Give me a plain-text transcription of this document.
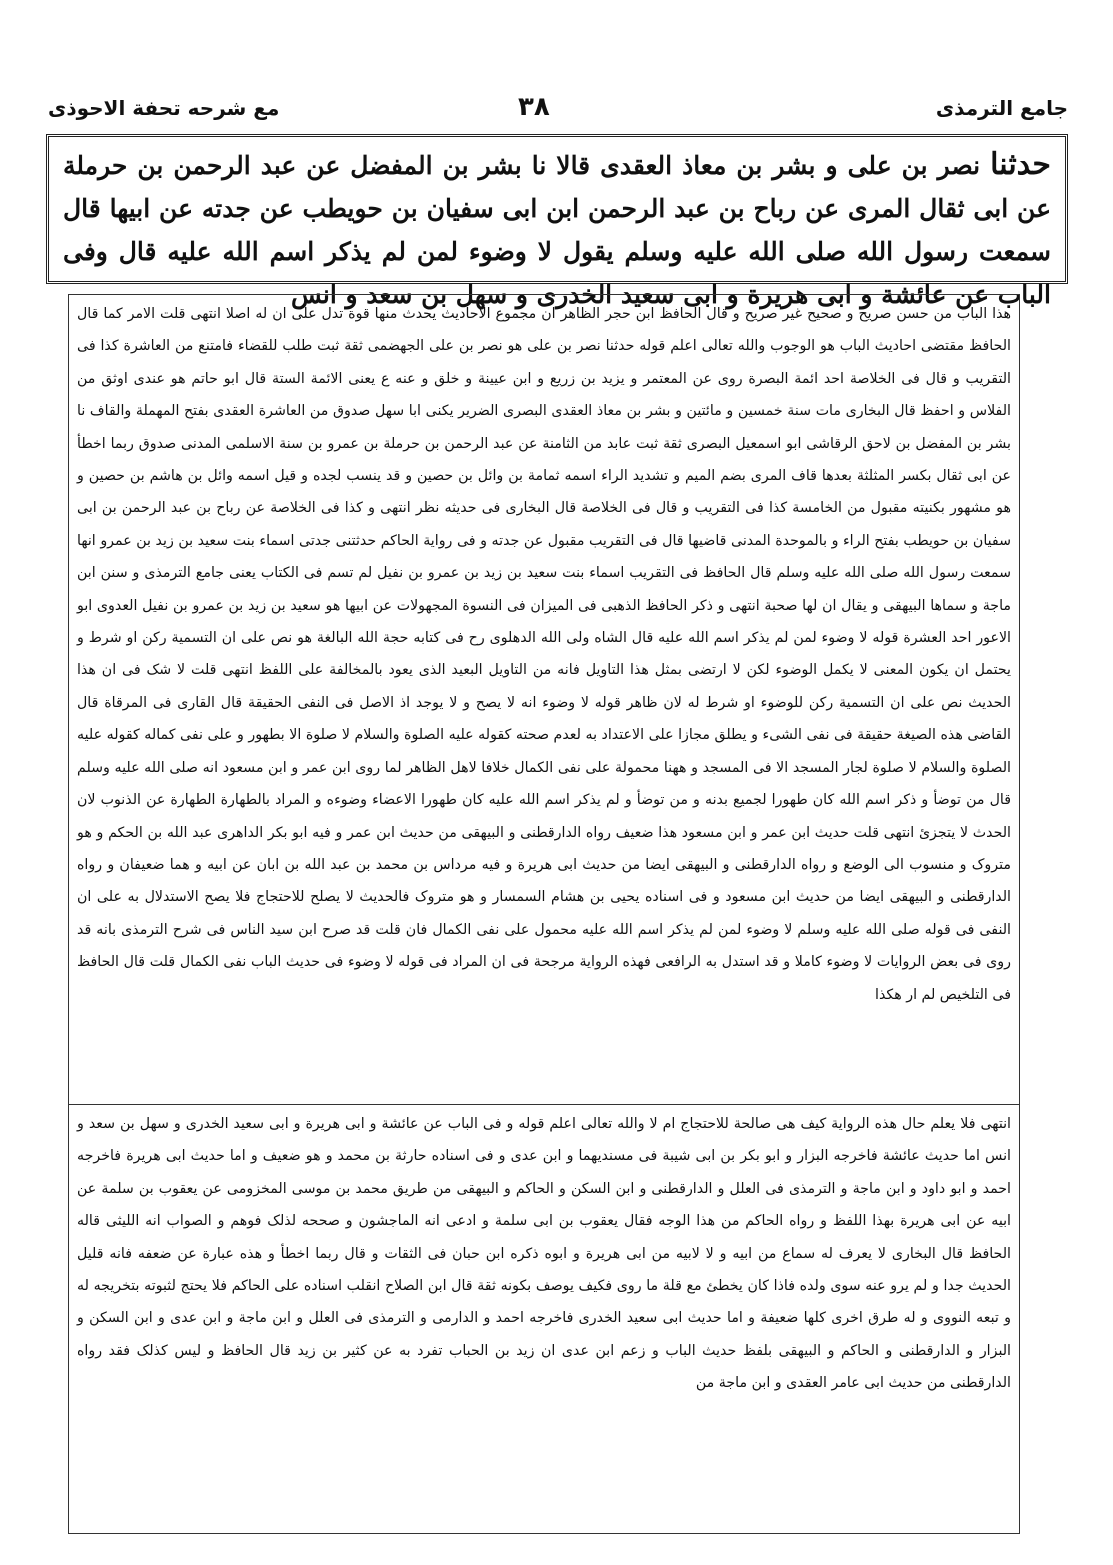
جامع الترمذی
۳۸
مع شرحه تحفة الاحوذی
حدثنا نصر بن علی و بشر بن معاذ العقدی قالا نا بشر بن المفضل عن عبد الرحمن بن حرملة عن ابی ثقال المری عن رباح بن عبد الرحمن ابن ابی سفیان بن حویطب عن جدته عن ابیها قال سمعت رسول الله صلی الله علیه وسلم یقول لا وضوء لمن لم یذکر اسم الله علیه قال وفی الباب عن عائشة و ابی هریرة و ابی سعید الخدری و سهل بن سعد و انس

هذا الباب من حسن صریح و صحیح غیر صریح و قال الحافظ ابن حجر الظاهر ان مجموع الاحادیث یحدث منها قوة تدل علی ان له اصلا انتهی قلت الامر کما قال الحافظ مقتضی احادیث الباب هو الوجوب والله تعالی اعلم قوله حدثنا نصر بن علی هو نصر بن علی الجهضمی ثقة ثبت طلب للقضاء فامتنع من العاشرة کذا فی التقریب و قال فی الخلاصة احد ائمة البصرة روی عن المعتمر و یزید بن زریع و ابن عیینة و خلق و عنه ع یعنی الائمة الستة قال ابو حاتم هو عندی اوثق من الفلاس و احفظ قال البخاری مات سنة خمسین و مائتین و بشر بن معاذ العقدی البصری الضریر یکنی ابا سهل صدوق من العاشرة العقدی بفتح المهملة والقاف نا بشر بن المفضل بن لاحق الرقاشی ابو اسمعیل البصری ثقة ثبت عابد من الثامنة عن عبد الرحمن بن حرملة بن عمرو بن سنة الاسلمی المدنی صدوق ربما اخطأ عن ابی ثقال بکسر المثلثة بعدها قاف المری بضم المیم و تشدید الراء اسمه ثمامة بن وائل بن حصین و قد ینسب لجده و قیل اسمه وائل بن هاشم بن حصین و هو مشهور بکنیته مقبول من الخامسة کذا فی التقریب و قال فی الخلاصة قال البخاری فی حدیثه نظر انتهی و کذا فی الخلاصة عن رباح بن عبد الرحمن بن ابی سفیان بن حویطب بفتح الراء و بالموحدة المدنی قاضیها قال فی التقریب مقبول عن جدته و فی روایة الحاکم حدثتنی جدتی اسماء بنت سعید بن زید بن عمرو انها سمعت رسول الله صلی الله علیه وسلم قال الحافظ فی التقریب اسماء بنت سعید بن زید بن عمرو بن نفیل لم تسم فی الکتاب یعنی جامع الترمذی و سنن ابن ماجة و سماها البیهقی و یقال ان لها صحبة انتهی و ذکر الحافظ الذهبی فی المیزان فی النسوة المجهولات عن ابیها هو سعید بن زید بن عمرو بن نفیل العدوی ابو الاعور احد العشرة قوله لا وضوء لمن لم یذکر اسم الله علیه قال الشاه ولی الله الدهلوی رح فی کتابه حجة الله البالغة هو نص علی ان التسمیة رکن او شرط و یحتمل ان یکون المعنی لا یکمل الوضوء لکن لا ارتضی بمثل هذا التاویل فانه من التاویل البعید الذی یعود بالمخالفة علی اللفظ انتهی قلت لا شک فی ان هذا الحدیث نص علی ان التسمیة رکن للوضوء او شرط له لان ظاهر قوله لا وضوء انه لا یصح و لا یوجد اذ الاصل فی النفی الحقیقة قال القاری فی المرقاة قال القاضی هذه الصیغة حقیقة فی نفی الشیء و یطلق مجازا علی الاعتداد به لعدم صحته کقوله علیه الصلوة والسلام لا صلوة الا بطهور و علی نفی کماله کقوله علیه الصلوة والسلام لا صلوة لجار المسجد الا فی المسجد و ههنا محمولة علی نفی الکمال خلافا لاهل الظاهر لما روی ابن عمر و ابن مسعود انه صلی الله علیه وسلم قال من توضأ و ذکر اسم الله کان طهورا لجمیع بدنه و من توضأ و لم یذکر اسم الله علیه کان طهورا الاعضاء وضوءه و المراد بالطهارة الطهارة عن الذنوب لان الحدث لا یتجزئ انتهی قلت حدیث ابن عمر و ابن مسعود هذا ضعیف رواه الدارقطنی و البیهقی من حدیث ابن عمر و فیه ابو بکر الداهری عبد الله بن الحکم و هو متروک و منسوب الی الوضع و رواه الدارقطنی و البیهقی ایضا من حدیث ابی هریرة و فیه مرداس بن محمد بن عبد الله بن ابان عن ابیه و هما ضعیفان و رواه الدارقطنی و البیهقی ایضا من حدیث ابن مسعود و فی اسناده یحیی بن هشام السمسار و هو متروک فالحدیث لا یصلح للاحتجاج فلا یصح الاستدلال به علی ان النفی فی قوله صلی الله علیه وسلم لا وضوء لمن لم یذکر اسم الله علیه محمول علی نفی الکمال فان قلت قد صرح ابن سید الناس فی شرح الترمذی بانه قد روی فی بعض الروایات لا وضوء کاملا و قد استدل به الرافعی فهذه الروایة مرجحة فی ان المراد فی قوله لا وضوء فی حدیث الباب نفی الکمال قلت قال الحافظ فی التلخیص لم ار هکذا

انتهی فلا یعلم حال هذه الروایة کیف هی صالحة للاحتجاج ام لا والله تعالی اعلم قوله و فی الباب عن عائشة و ابی هریرة و ابی سعید الخدری و سهل بن سعد و انس اما حدیث عائشة فاخرجه البزار و ابو بکر بن ابی شیبة فی مسندیهما و ابن عدی و فی اسناده حارثة بن محمد و هو ضعیف و اما حدیث ابی هریرة فاخرجه احمد و ابو داود و ابن ماجة و الترمذی فی العلل و الدارقطنی و ابن السکن و الحاکم و البیهقی من طریق محمد بن موسی المخزومی عن یعقوب بن سلمة عن ابیه عن ابی هریرة بهذا اللفظ و رواه الحاکم من هذا الوجه فقال یعقوب بن ابی سلمة و ادعی انه الماجشون و صححه لذلک فوهم و الصواب انه اللیثی قاله الحافظ قال البخاری لا یعرف له سماع من ابیه و لا لابیه من ابی هریرة و ابوه ذکره ابن حبان فی الثقات و قال ربما اخطأ و هذه عبارة عن ضعفه فانه قلیل الحدیث جدا و لم یرو عنه سوی ولده فاذا کان یخطئ مع قلة ما روی فکیف یوصف بکونه ثقة قال ابن الصلاح انقلب اسناده علی الحاکم فلا یحتج لثبوته بتخریجه له و تبعه النووی و له طرق اخری کلها ضعیفة و اما حدیث ابی سعید الخدری فاخرجه احمد و الدارمی و الترمذی فی العلل و ابن ماجة و ابن عدی و ابن السکن و البزار و الدارقطنی و الحاکم و البیهقی بلفظ حدیث الباب و زعم ابن عدی ان زید بن الحباب تفرد به عن کثیر بن زید قال الحافظ و لیس کذلک فقد رواه الدارقطنی من حدیث ابی عامر العقدی و ابن ماجة من
